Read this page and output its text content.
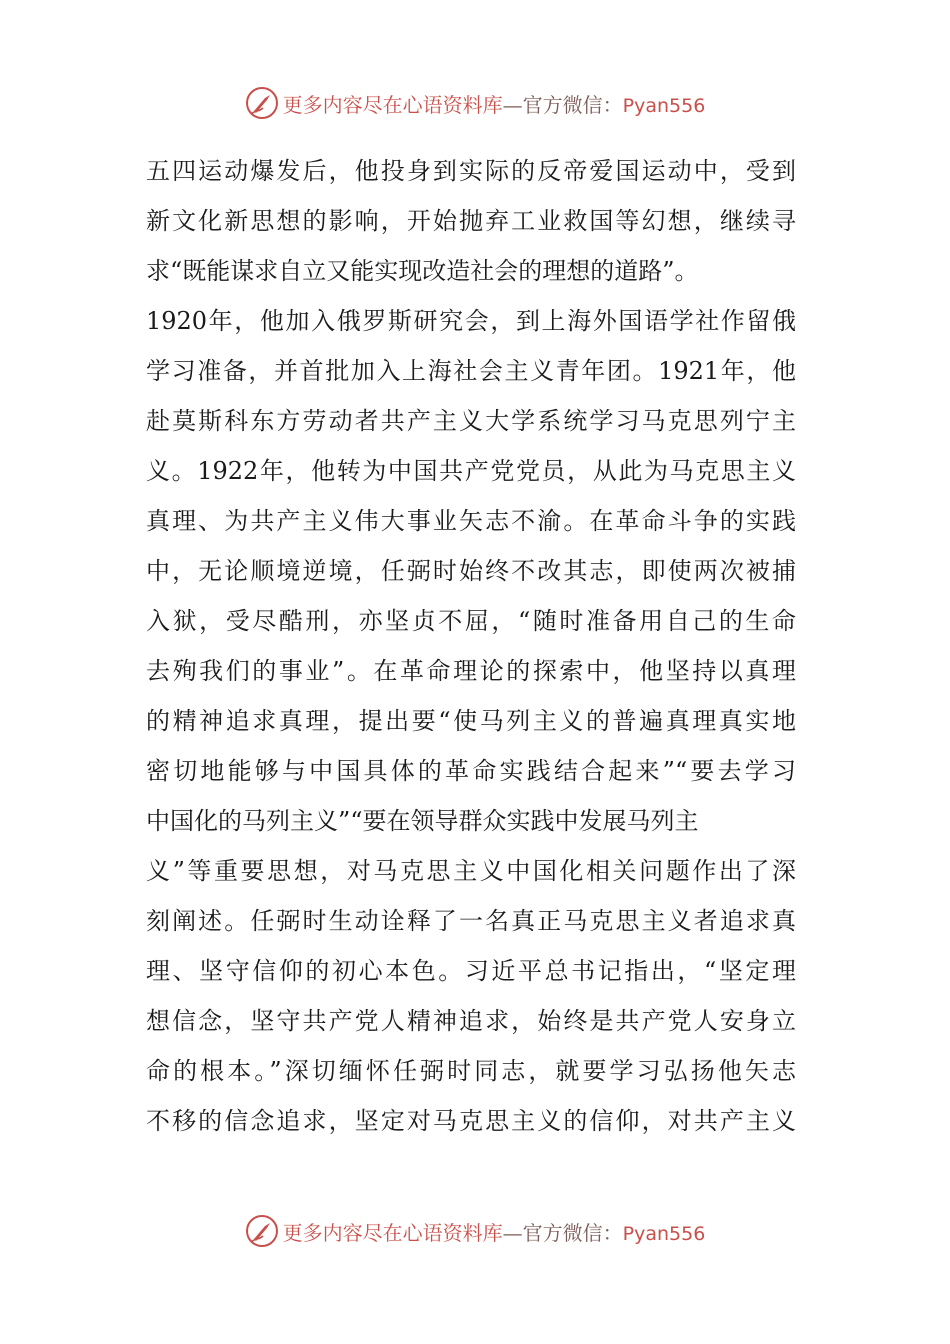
更多内容尽在心语资料库—官方微信：Pyan556
五四运动爆发后，他投身到实际的反帝爱国运动中，受到
新文化新思想的影响，开始抛弃工业救国等幻想，继续寻
求“既能谋求自立又能实现改造社会的理想的道路”。
1920年，他加入俄罗斯研究会，到上海外国语学社作留俄
学习准备，并首批加入上海社会主义青年团。1921年，他
赴莫斯科东方劳动者共产主义大学系统学习马克思列宁主
义。1922年，他转为中国共产党党员，从此为马克思主义
真理、为共产主义伟大事业矢志不渝。在革命斗争的实践
中，无论顺境逆境，任弼时始终不改其志，即使两次被捕
入狱，受尽酷刑，亦坚贞不屈，“随时准备用自己的生命
去殉我们的事业”。在革命理论的探索中，他坚持以真理
的精神追求真理，提出要“使马列主义的普遍真理真实地
密切地能够与中国具体的革命实践结合起来”“要去学习
中国化的马列主义”“要在领导群众实践中发展马列主
义”等重要思想，对马克思主义中国化相关问题作出了深
刻阐述。任弼时生动诠释了一名真正马克思主义者追求真
理、坚守信仰的初心本色。习近平总书记指出，“坚定理
想信念，坚守共产党人精神追求，始终是共产党人安身立
命的根本。”深切缅怀任弼时同志，就要学习弘扬他矢志
不移的信念追求，坚定对马克思主义的信仰，对共产主义
更多内容尽在心语资料库—官方微信：Pyan556
